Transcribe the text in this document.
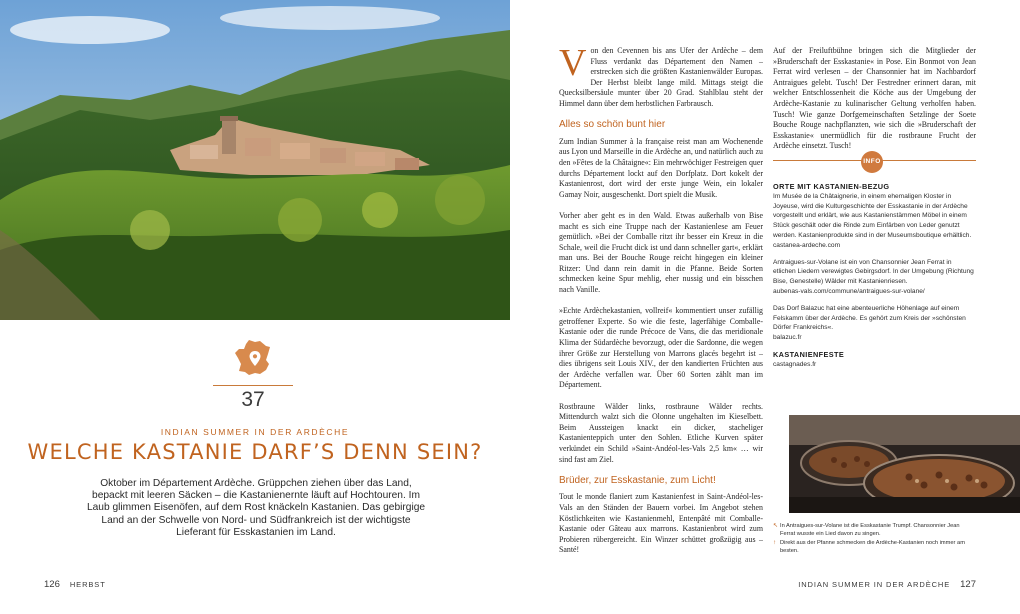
37
INDIAN SUMMER IN DER ARDÈCHE
WELCHE KASTANIE DARF’S DENN SEIN?
Oktober im Département Ardèche. Grüppchen ziehen über das Land, bepackt mit leeren Säcken – die Kastanienernte läuft auf Hochtouren. Im Laub glimmen Eisenöfen, auf dem Rost knäckeln Kastanien. Das gebirgige Land an der Schwelle von Nord- und Südfrankreich ist der wichtigste Lieferant für Esskastanien im Land.
126 HERBST

Von den Cevennen bis ans Ufer der Ardèche – dem Fluss verdankt das Département den Namen – erstrecken sich die größten Kastanienwälder Europas. Der Herbst bleibt lange mild. Mittags steigt die Quecksilbersäule munter über 20 Grad. Stahlblau steht der Himmel dann über dem herbstlichen Farbrausch.

Alles so schön bunt hier

Zum Indian Summer à la française reist man am Wochenende aus Lyon und Marseille in die Ardèche an, und natürlich auch zu den »Fêtes de la Châtaigne«: Ein mehrwöchiger Festreigen quer durchs Département lockt auf den Dorfplatz. Dort kokelt der Kastanienrost, dort wird der erste junge Wein, ein lokaler Gamay Noir, ausgeschenkt. Dort spielt die Musik.

Vorher aber geht es in den Wald. Etwas außerhalb von Bise macht es sich eine Truppe nach der Kastanienlese am Feuer gemütlich. »Bei der Comballe ritzt ihr besser ein Kreuz in die Schale, weil die Frucht dick ist und dann schneller gart«, erklärt man uns. Bei der Bouche Rouge reicht hingegen ein kleiner Ritzer: Und dann rein damit in die Pfanne. Beide Sorten schmecken keine Spur mehlig, eher nussig und ein bisschen nach Vanille.

»Echte Ardèchekastanien, vollreif« kommentiert unser zufällig getroffener Experte. So wie die feste, lagerfähige Comballe-Kastanie oder die runde Précoce de Vans, die das meridionale Klima der Südardèche bevorzugt, oder die Sardonne, die wegen ihrer Größe zur Herstellung von Marrons glacés begehrt ist – dies übrigens seit Louis XIV., der den kandierten Früchten aus der Ardèche verfallen war. Über 60 Sorten zählt man im Département.

Rostbraune Wälder links, rostbraune Wälder rechts. Mittendurch walzt sich die Olonne ungehalten im Kieselbett. Beim Aussteigen knackt ein dicker, stacheliger Kastanienteppich unter den Sohlen. Etliche Kurven später verkündet ein Schild »Saint-Andéol-les-Vals 2,5 km« … wir sind fast am Ziel.

Brüder, zur Esskastanie, zum Licht!

Tout le monde flaniert zum Kastanienfest in Saint-Andéol-les-Vals an den Ständen der Bauern vorbei. Im Angebot stehen Köstlichkeiten wie Kastanienmehl, Entenpâté mit Comballe-Kastanie oder Gâteau aux marrons. Kastanienbrot wird zum Probieren rübergereicht. Ein Winzer schüttet großzügig aus – Santé!

Auf der Freiluftbühne bringen sich die Mitglieder der »Bruderschaft der Esskastanie« in Pose. Ein Bonmot von Jean Ferrat wird verlesen – der Chansonnier hat im Nachbardorf Antraigues gelebt. Tusch! Der Festredner erinnert daran, mit welcher Entschlossenheit die Köche aus der Umgebung der Ardèche-Kastanie zu kulinarischer Geltung verholfen haben. Tusch! Wie ganze Dorfgemeinschaften Setzlinge der Soete Bouche Rouge nachpflanzten, wie sich die »Bruderschaft der Esskastanie« unermüdlich für die rostbraune Frucht der Ardèche einsetzt. Tusch!
INFO
ORTE MIT KASTANIEN-BEZUG
Im Musée de la Châtaignerie, in einem ehemaligen Kloster in Joyeuse, wird die Kulturgeschichte der Esskastanie in der Ardèche vorgestellt und erklärt, wie aus Kastanienstämmen Möbel in einem Stück geschält oder die Rinde zum Einfärben von Leder genutzt werden. Kastanienprodukte sind in der Museumsboutique erhältlich.

castanea-ardeche.com

Antraigues-sur-Volane ist ein von Chansonnier Jean Ferrat in etlichen Liedern verewigtes Gebirgsdorf. In der Umgebung (Richtung Bise, Genestelle) Wälder mit Kastanienriesen.

aubenas-vals.com/commune/antraigues-sur-volane/

Das Dorf Balazuc hat eine abenteuerliche Höhenlage auf einem Felskamm über der Ardèche. Es gehört zum Kreis der »schönsten Dörfer Frankreichs«.

balazuc.fr

KASTANIENFESTE

castagnades.fr

↖ In Antraigues-sur-Volane ist die Esskastanie Trumpf. Chansonnier Jean Ferrat wusste ein Lied davon zu singen.
↑ Direkt aus der Pfanne schmecken die Ardèche-Kastanien noch immer am besten.
INDIAN SUMMER IN DER ARDÈCHE 127
